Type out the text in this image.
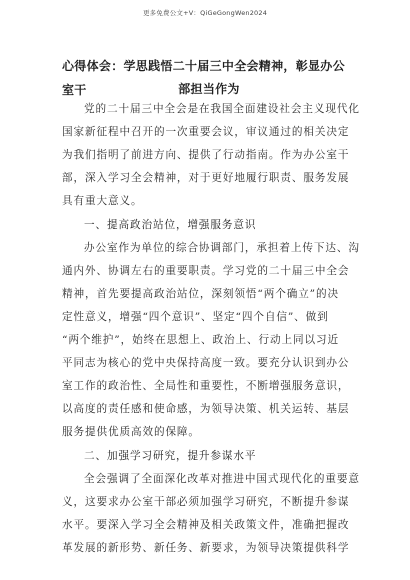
更多免费公文+V：QiGeGongWen2024
心得体会：学思践悟二十届三中全会精神，彰显办公室干	部担当作为
党的二十届三中全会是在我国全面建设社会主义现代化
国家新征程中召开的一次重要会议，审议通过的相关决定
为我们指明了前进方向、提供了行动指南。作为办公室干
部，深入学习全会精神，对于更好地履行职责、服务发展
具有重大意义。
一、提高政治站位，增强服务意识
办公室作为单位的综合协调部门，承担着上传下达、沟
通内外、协调左右的重要职责。学习党的二十届三中全会
精神，首先要提高政治站位，深刻领悟“两个确立”的决
定性意义，增强“四个意识”、坚定“四个自信”、做到
“两个维护”，始终在思想上、政治上、行动上同以习近
平同志为核心的党中央保持高度一致。要充分认识到办公
室工作的政治性、全局性和重要性，不断增强服务意识，
以高度的责任感和使命感，为领导决策、机关运转、基层
服务提供优质高效的保障。
二、加强学习研究，提升参谋水平
全会强调了全面深化改革对推进中国式现代化的重要意
义，这要求办公室干部必须加强学习研究，不断提升参谋
水平。要深入学习全会精神及相关政策文件，准确把握改
革发展的新形势、新任务、新要求，为领导决策提供科学
